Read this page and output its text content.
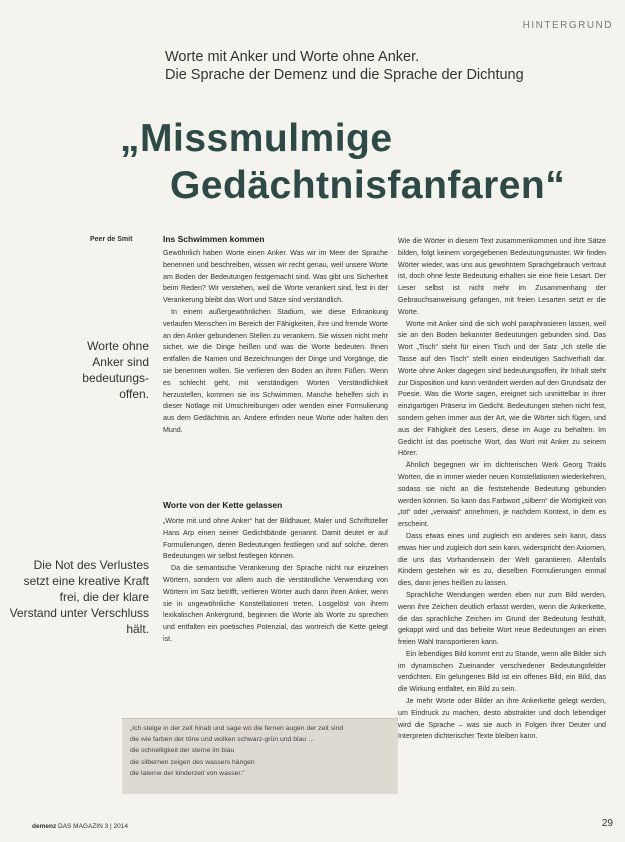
HINTERGRUND
Worte mit Anker und Worte ohne Anker.
Die Sprache der Demenz und die Sprache der Dichtung
„Missmulmige
Gedächtnisfanfaren“
Peer de Smit
Worte ohne Anker sind bedeutungs-offen.
Die Not des Verlustes setzt eine kreative Kraft frei, die der klare Verstand unter Verschluss hält.
Ins Schwimmen kommen

Gewöhnlich haben Worte einen Anker. Was wir im Meer der Sprache benennen und beschreiben, wissen wir recht genau, weil unsere Worte am Boden der Bedeutungen festgemacht sind. Was gibt uns Sicherheit beim Reden? Wir verstehen, weil die Worte verankert sind, fest in der Verankerung bleibt das Wort und Sätze sind verständlich.

In einem außergewöhnlichen Stadium, wie diese Erkrankung verlaufen Menschen im Bereich der Fähigkeiten, ihre und fremde Worte an den Anker gebundenen Stellen zu verankern. Sie wissen nicht mehr sicher, wie die Dinge heißen und was die Worte bedeuten. Ihnen entfallen die Namen und Bezeichnungen der Dinge und Vorgänge, die sie benennen wollen. Sie verlieren den Boden an ihren Füßen. Wenn es schlecht geht, mit verständigen Worten Verständlichkeit herzustellen, kommen sie ins Schwimmen. Manche behelfen sich in dieser Notlage mit Umschreibungen oder wenden einer Formulierung aus dem Gedächtnis an. Andere erfinden neue Worte oder halten den Mund.

Worte von der Kette gelassen

„Worte mit und ohne Anker“ hat der Bildhauer, Maler und Schriftsteller Hans Arp einen seiner Gedichtbände genannt. Damit deutet er auf Formulierungen, deren Bedeutungen festliegen und auf solche, deren Bedeutungen wir selbst festlegen können.

Da die semantische Verankerung der Sprache nicht nur einzelnen Wörtern, sondern vor allem auch die verständliche Verwendung von Wörtern im Satz betrifft, verlieren Wörter auch dann ihren Anker, wenn sie in ungewöhnliche Konstellationen treten. Losgelöst von ihrem lexikalischen Ankergrund, beginnen die Worte als Worte zu sprechen und entfalten ein poetisches Potenzial, das wortreich die Kette gelegt ist.

„Ich steige in der zeit hinab und sage wo die fernen augen der zeit sind

die wie farben der töne und wolken schwarz-grün und blau …

die schnelligkeit der sterne im blau

die silbernen zeigen des wassers hängen

die laterne der kinderzeit von wasser.“

Wie die Wörter in diesem Text zusammenkommen und ihre Sätze bilden, folgt keinem vorgegebenen Bedeutungsmuster. Wir finden Wörter wieder, was uns aus gewohntem Sprachgebrauch vertraut ist, doch ohne feste Bedeutung erhalten sie eine freie Lesart. Der Leser selbst ist nicht mehr im Zusammenhang der Gebrauchsanweisung gefangen, mit freien Lesarten setzt er die Worte.

Worte mit Anker sind die sich wohl paraphrasieren lassen, weil sie an den Boden bekannter Bedeutungen gebunden sind. Das Wort „Tisch“ steht für einen Tisch und der Satz „Ich stelle die Tasse auf den Tisch“ stellt einen eindeutigen Sachverhalt dar. Worte ohne Anker dagegen sind bedeutungsoffen, ihr Inhalt steht zur Disposition und kann verändert werden auf den Grundsatz der Poesie. Was die Worte sagen, ereignet sich unmittelbar in ihrer einzigartigen Präsenz im Gedicht. Bedeutungen stehen nicht fest, sondern gehen immer aus der Art, wie die Wörter sich fügen, und aus der Fähigkeit des Lesers, diese im Auge zu behalten. Im Gedicht ist das poetische Wort, das Wort mit Anker zu seinem Hörer.

Ähnlich begegnen wir im dichterischen Werk Georg Trakls Worten, die in immer wieder neuen Konstellationen wiederkehren, sodass sie nicht an die feststehende Bedeutung gebunden werden können. So kann das Farbwort „silbern“ die Wortigkeit von „tot“ oder „verwaist“ annehmen, je nachdem Kontext, in dem es erscheint.

Dass etwas eines und zugleich ein anderes sein kann, dass etwas hier und zugleich dort sein kann, widerspricht den Axiomen, die uns das Vorhandensein der Welt garantieren. Allenfalls Kindern gestehen wir es zu, dieselben Formulierungen einmal dies, dann jenes heißen zu lassen.

Sprachliche Wendungen werden eben nur zum Bild werden, wenn ihre Zeichen deutlich erfasst werden, wenn die Ankerkette, die das sprachliche Zeichen im Grund der Bedeutung festhält, gekappt wird und das befreite Wort neue Bedeutungen an einen freien Wahl transportieren kann.

Ein lebendiges Bild kommt erst zu Stande, wenn alle Bilder sich im dynamischen Zueinander verschiedener Bedeutungsfelder verdichten. Ein gelungenes Bild ist ein offenes Bild, ein Bild, das die Wirkung entfaltet, ein Bild zu sein.

Je mehr Worte oder Bilder an ihre Ankerkette gelegt werden, um Eindruck zu machen, desto abstrakter und doch lebendiger wird die Sprache – was sie auch in Folgen ihrer Deuter und Interpreten dichterischer Texte bleiben kann.

demenz DAS MAGAZIN 3 | 2014	29
